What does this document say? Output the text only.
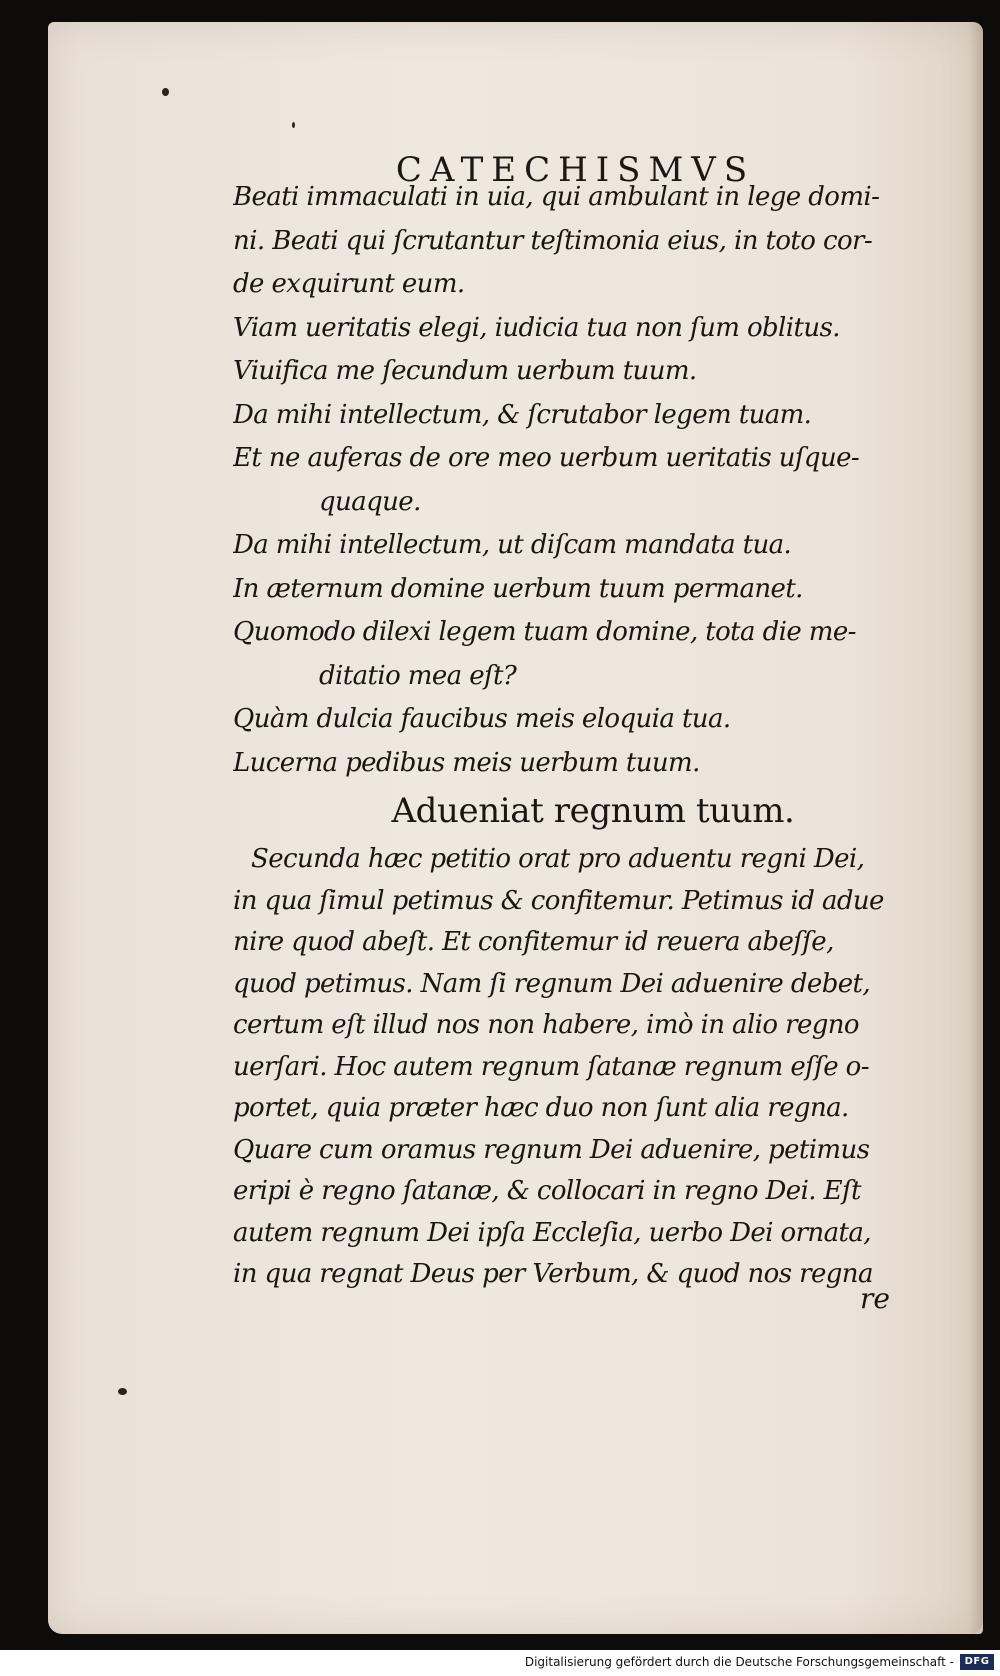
CATECHISMVS
Beati immaculati in uia, qui ambulant in lege domi-
ni. Beati qui ſcrutantur teſtimonia eius, in toto cor-
de exquirunt eum.
Viam ueritatis elegi, iudicia tua non ſum oblitus.
Viuifica me ſecundum uerbum tuum.
Da mihi intellectum, & ſcrutabor legem tuam.
Et ne auferas de ore meo uerbum ueritatis uſque-
quaque.
Da mihi intellectum, ut diſcam mandata tua.
In æternum domine uerbum tuum permanet.
Quomodo dilexi legem tuam domine, tota die me-
ditatio mea eſt?
Quàm dulcia faucibus meis eloquia tua.
Lucerna pedibus meis uerbum tuum.
Adueniat regnum tuum.
Secunda hæc petitio orat pro aduentu regni Dei,
in qua ſimul petimus & confitemur. Petimus id adue
nire quod abeſt. Et confitemur id reuera abeſſe,
quod petimus. Nam ſi regnum Dei aduenire debet,
certum eſt illud nos non habere, imò in alio regno
uerſari. Hoc autem regnum ſatanæ regnum eſſe o-
portet, quia præter hæc duo non ſunt alia regna.
Quare cum oramus regnum Dei aduenire, petimus
eripi è regno ſatanæ, & collocari in regno Dei. Eſt
autem regnum Dei ipſa Eccleſia, uerbo Dei ornata,
in qua regnat Deus per Verbum, & quod nos regna
re
Digitalisierung gefördert durch die Deutsche Forschungsgemeinschaft -	DFG
